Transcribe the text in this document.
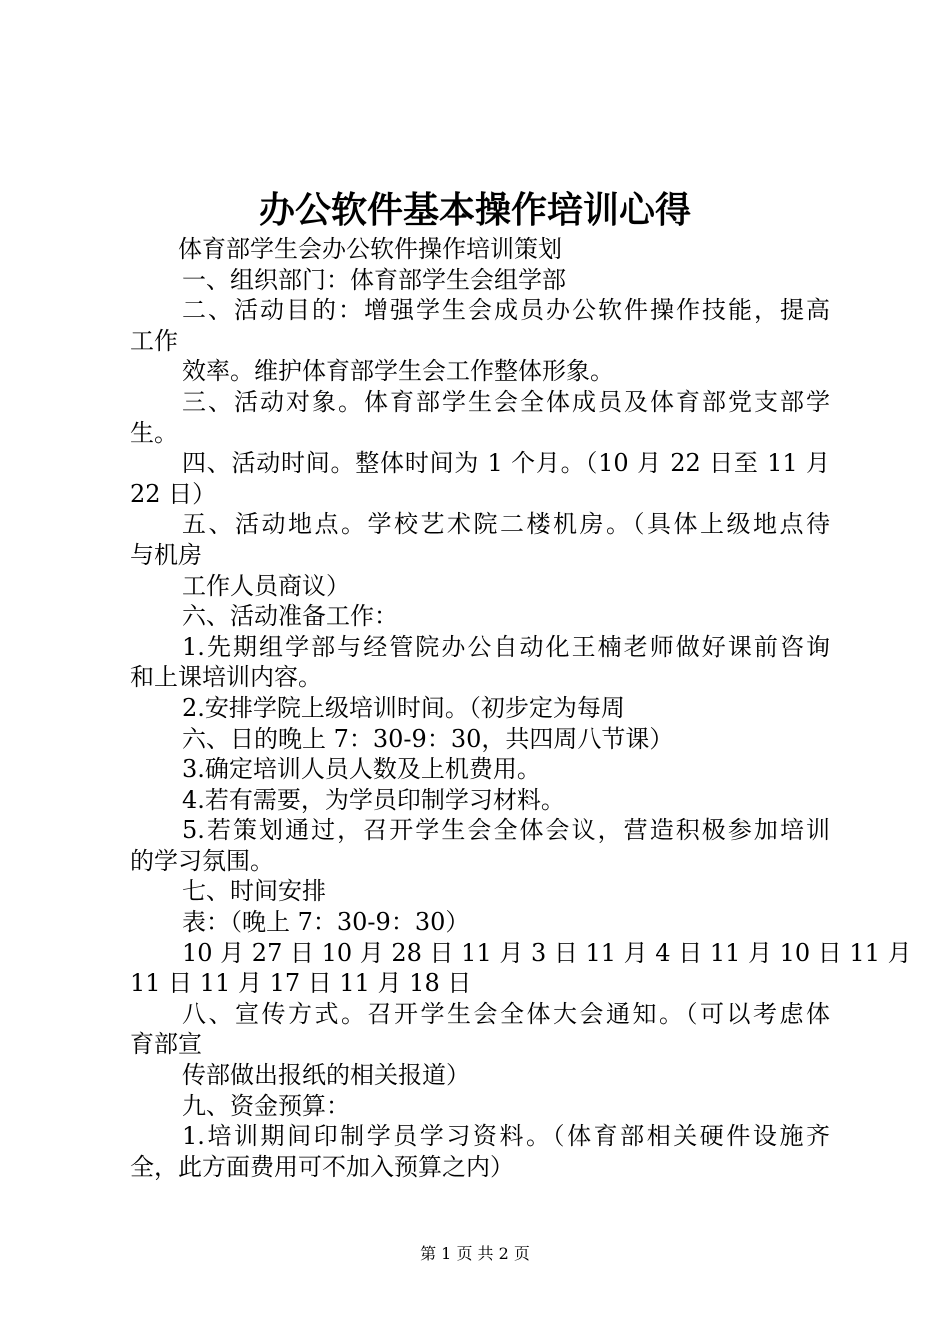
办公软件基本操作培训心得
体育部学生会办公软件操作培训策划
一、组织部门：体育部学生会组学部
二、活动目的：增强学生会成员办公软件操作技能，提高
工作
效率。维护体育部学生会工作整体形象。
三、活动对象。体育部学生会全体成员及体育部党支部学
生。
四、活动时间。整体时间为 1 个月。（10 月 22 日至 11 月
22 日）
五、活动地点。学校艺术院二楼机房。（具体上级地点待
与机房
工作人员商议）
六、活动准备工作：
1.先期组学部与经管院办公自动化王楠老师做好课前咨询
和上课培训内容。
2.安排学院上级培训时间。（初步定为每周
六、日的晚上 7：30-9：30，共四周八节课）
3.确定培训人员人数及上机费用。
4.若有需要，为学员印制学习材料。
5.若策划通过，召开学生会全体会议，营造积极参加培训
的学习氛围。
七、时间安排
表：（晚上 7：30-9：30）
10 月 27 日 10 月 28 日 11 月 3 日 11 月 4 日 11 月 10 日 11 月
11 日 11 月 17 日 11 月 18 日
八、宣传方式。召开学生会全体大会通知。（可以考虑体
育部宣
传部做出报纸的相关报道）
九、资金预算：
1.培训期间印制学员学习资料。（体育部相关硬件设施齐
全，此方面费用可不加入预算之内）
第 1 页 共 2 页
